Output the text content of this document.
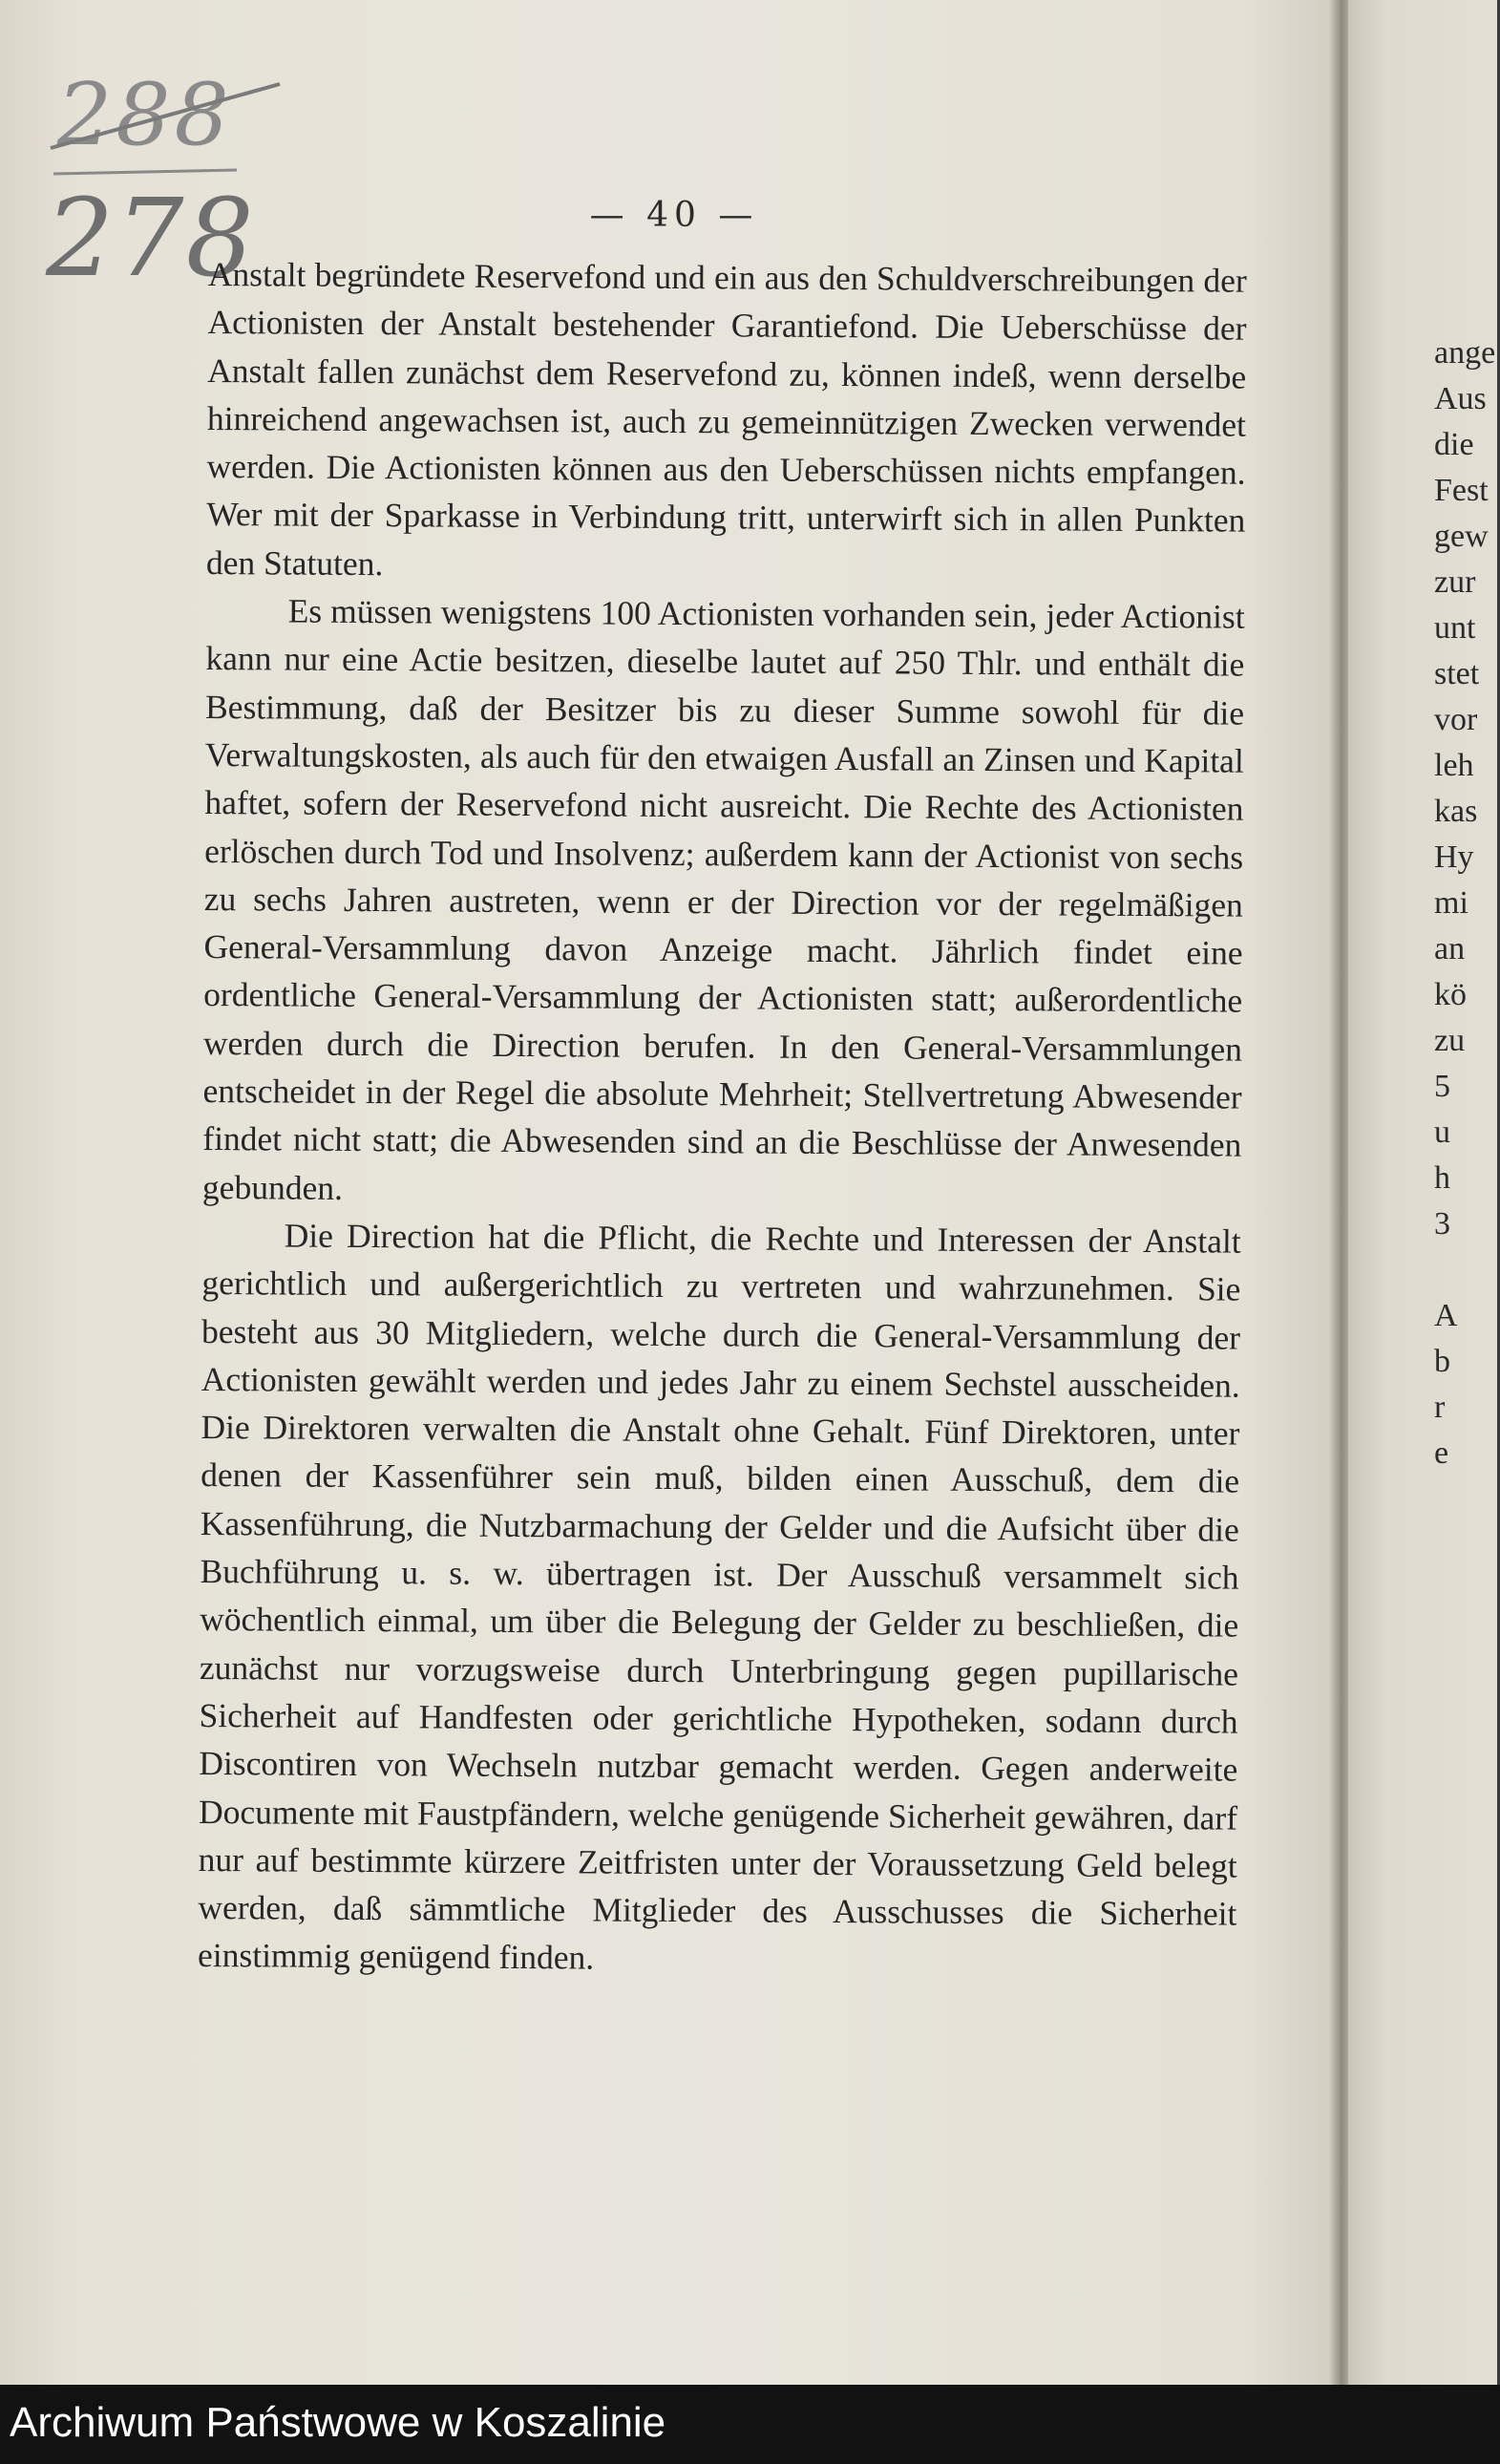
288
278	— 40 —

Anstalt begründete Reservefond und ein aus den Schuldverschreibungen der Actionisten der Anstalt bestehender Garantiefond. Die Ueberschüsse der Anstalt fallen zunächst dem Reservefond zu, können indeß, wenn derselbe hinreichend angewachsen ist, auch zu gemeinnützigen Zwecken verwendet werden. Die Actionisten können aus den Ueberschüssen nichts empfangen. Wer mit der Sparkasse in Verbindung tritt, unterwirft sich in allen Punkten den Statuten.

Es müssen wenigstens 100 Actionisten vorhanden sein, jeder Actionist kann nur eine Actie besitzen, dieselbe lautet auf 250 Thlr. und enthält die Bestimmung, daß der Besitzer bis zu dieser Summe sowohl für die Verwaltungskosten, als auch für den etwaigen Ausfall an Zinsen und Kapital haftet, sofern der Reservefond nicht ausreicht. Die Rechte des Actionisten erlöschen durch Tod und Insolvenz; außerdem kann der Actionist von sechs zu sechs Jahren austreten, wenn er der Direction vor der regelmäßigen General-Versammlung davon Anzeige macht. Jährlich findet eine ordentliche General-Versammlung der Actionisten statt; außerordentliche werden durch die Direction berufen. In den General-Versammlungen entscheidet in der Regel die absolute Mehrheit; Stellvertretung Abwesender findet nicht statt; die Abwesenden sind an die Beschlüsse der Anwesenden gebunden.

Die Direction hat die Pflicht, die Rechte und Interessen der Anstalt gerichtlich und außergerichtlich zu vertreten und wahrzunehmen. Sie besteht aus 30 Mitgliedern, welche durch die General-Versammlung der Actionisten gewählt werden und jedes Jahr zu einem Sechstel ausscheiden. Die Direktoren verwalten die Anstalt ohne Gehalt. Fünf Direktoren, unter denen der Kassenführer sein muß, bilden einen Ausschuß, dem die Kassenführung, die Nutzbarmachung der Gelder und die Aufsicht über die Buchführung u. s. w. übertragen ist. Der Ausschuß versammelt sich wöchentlich einmal, um über die Belegung der Gelder zu beschließen, die zunächst nur vorzugsweise durch Unterbringung gegen pupillarische Sicherheit auf Handfesten oder gerichtliche Hypotheken, sodann durch Discontiren von Wechseln nutzbar gemacht werden. Gegen anderweite Documente mit Faustpfändern, welche genügende Sicherheit gewähren, darf nur auf bestimmte kürzere Zeitfristen unter der Voraussetzung Geld belegt werden, daß sämmtliche Mitglieder des Ausschusses die Sicherheit einstimmig genügend finden.

ange
Aus
die
Fest
gew
zur
unt
stet
vor
leh
kas
Hy
mi
an
kö
zu
5
u
h
3
A
b
r
e
Archiwum Państwowe w Koszalinie
